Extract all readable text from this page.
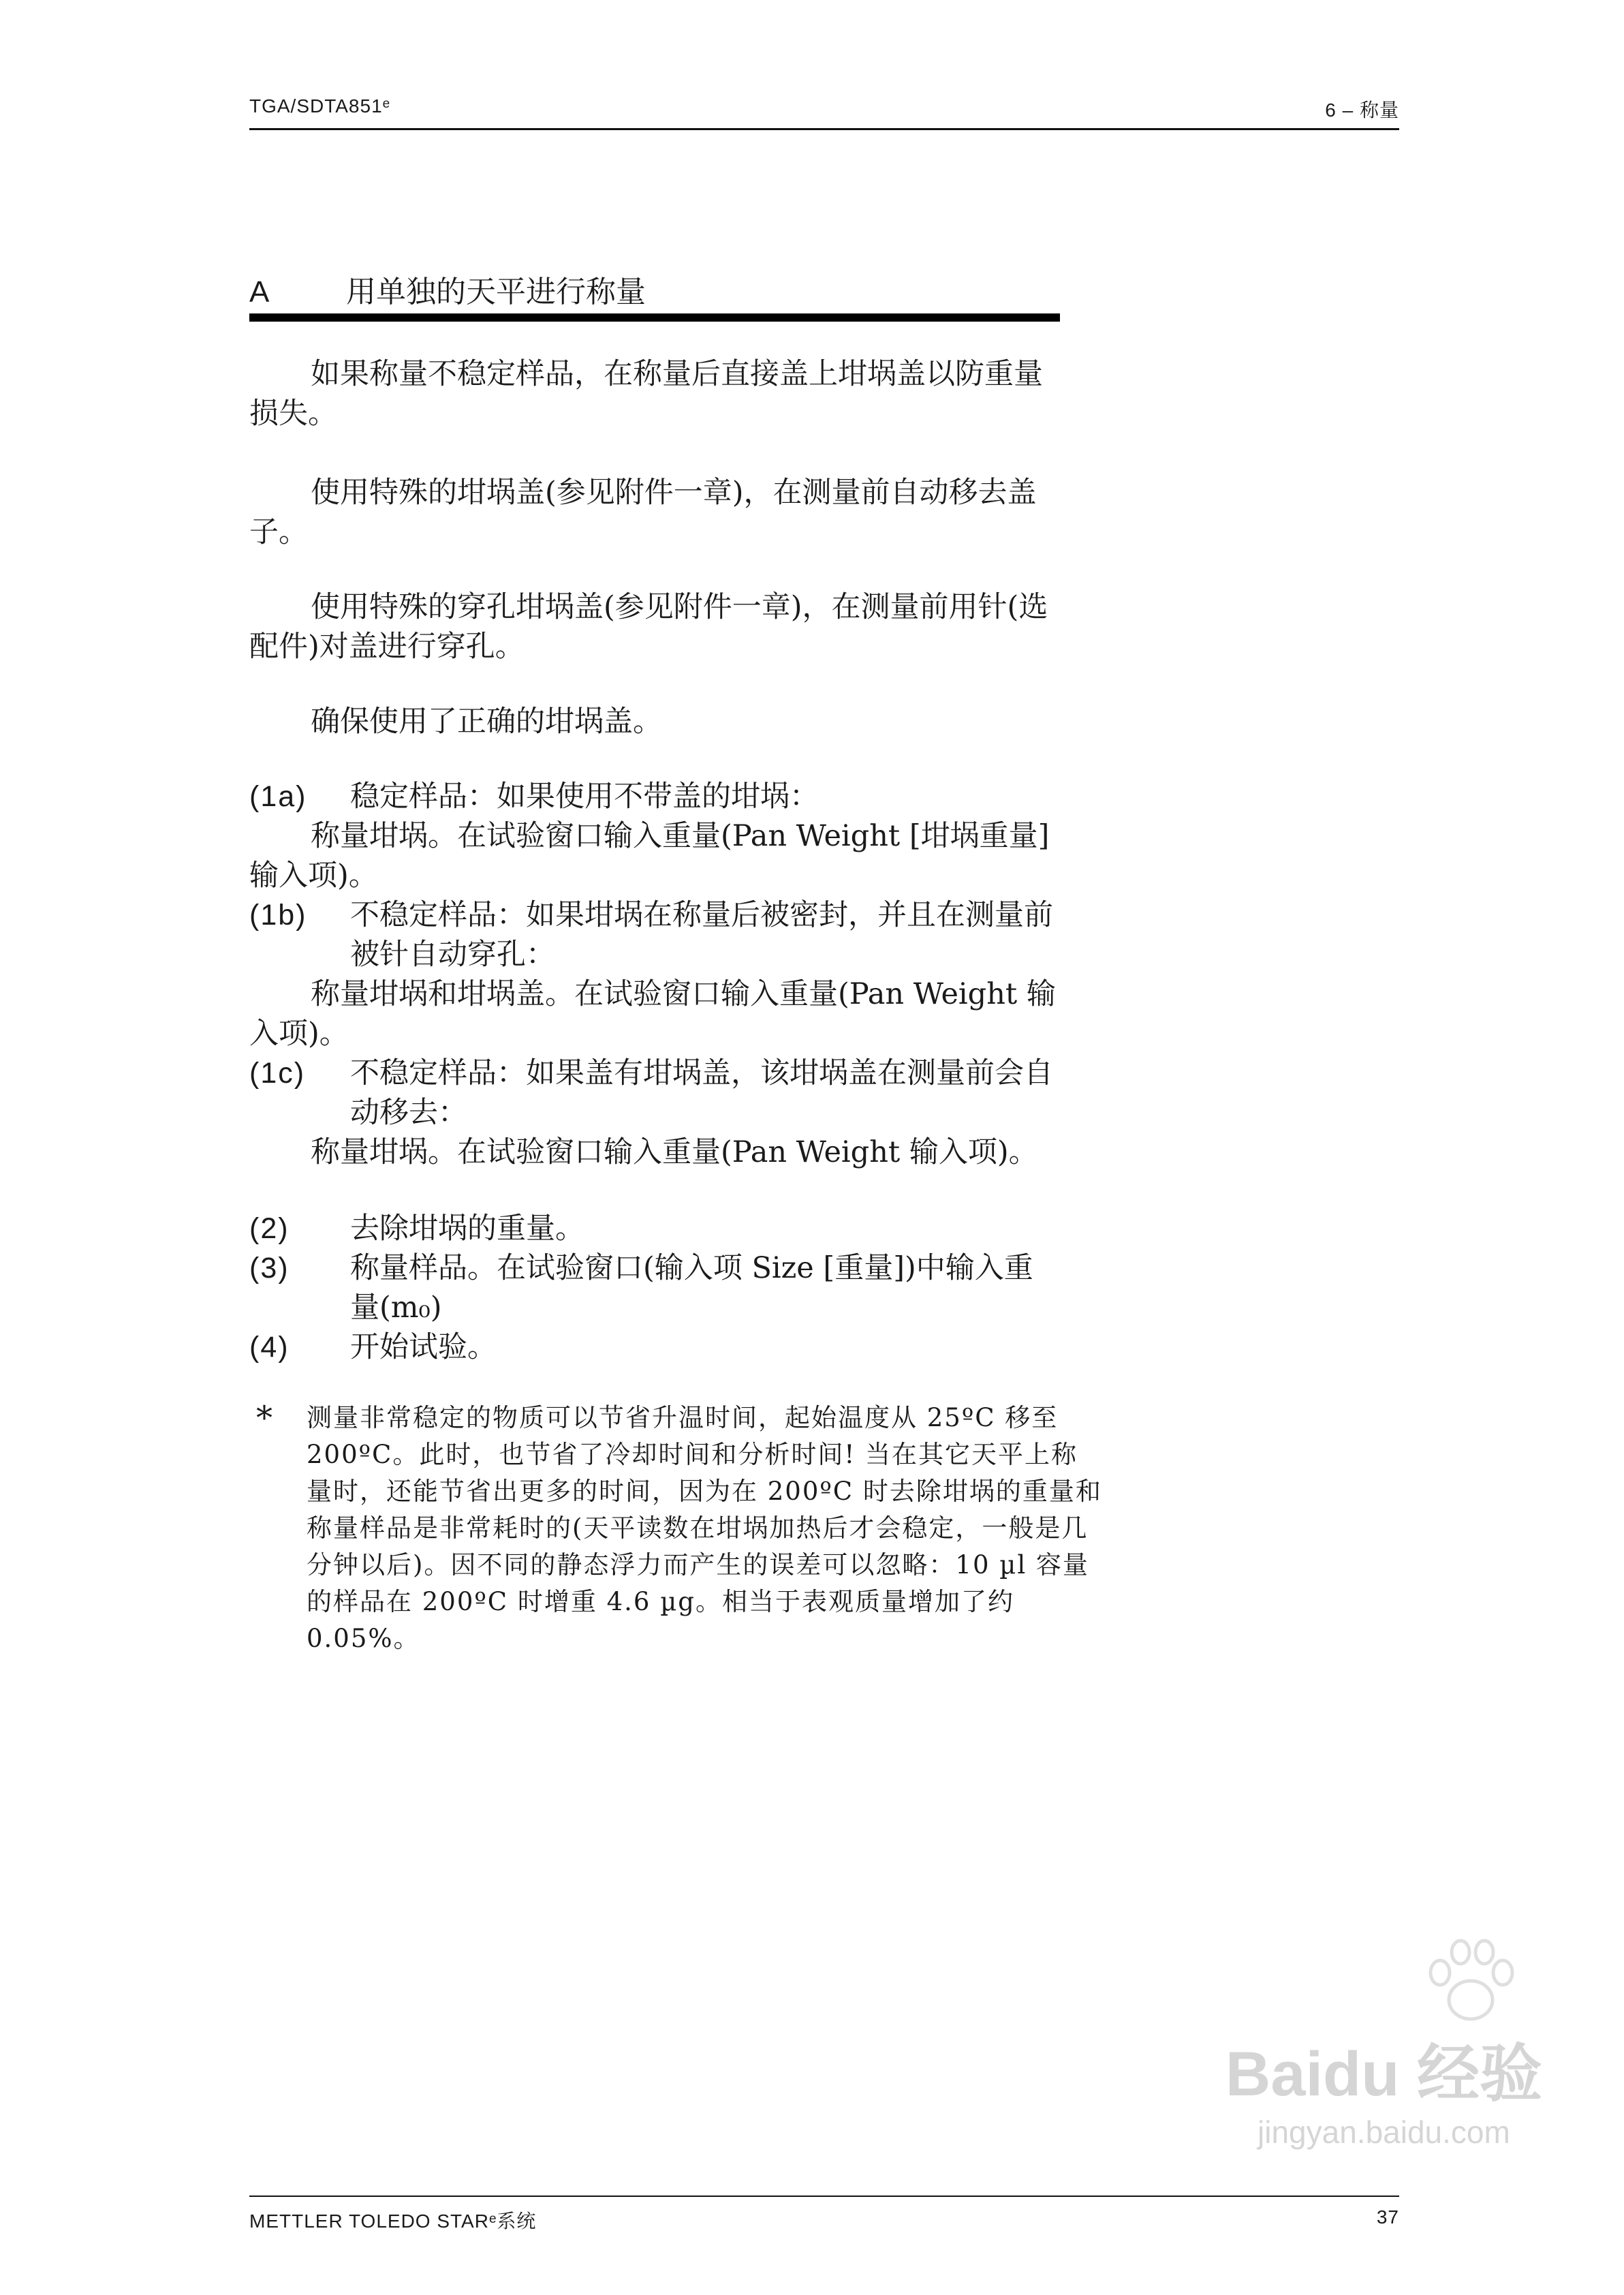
TGA/SDTA851ᵉ	6 – 称量
A	用单独的天平进行称量
如果称量不稳定样品，在称量后直接盖上坩埚盖以防重量损失。
使用特殊的坩埚盖(参见附件一章)，在测量前自动移去盖子。
使用特殊的穿孔坩埚盖(参见附件一章)，在测量前用针(选配件)对盖进行穿孔。
确保使用了正确的坩埚盖。
(1a) 稳定样品：如果使用不带盖的坩埚：
称量坩埚。在试验窗口输入重量(Pan Weight [坩埚重量] 输入项)。
(1b) 不稳定样品：如果坩埚在称量后被密封，并且在测量前被针自动穿孔：
称量坩埚和坩埚盖。在试验窗口输入重量(Pan Weight 输入项)。
(1c) 不稳定样品：如果盖有坩埚盖，该坩埚盖在测量前会自动移去：
称量坩埚。在试验窗口输入重量(Pan Weight 输入项)。
(2) 去除坩埚的重量。
(3) 称量样品。在试验窗口(输入项 Size [重量])中输入重量(m₀)
(4) 开始试验。
* 测量非常稳定的物质可以节省升温时间，起始温度从 25ºC 移至 200ºC。此时，也节省了冷却时间和分析时间! 当在其它天平上称量时，还能节省出更多的时间，因为在 200ºC 时去除坩埚的重量和称量样品是非常耗时的(天平读数在坩埚加热后才会稳定，一般是几分钟以后)。因不同的静态浮力而产生的误差可以忽略：10 µl 容量的样品在 200ºC 时增重 4.6 µg。相当于表观质量增加了约0.05%。
Baidu 经验
jingyan.baidu.com
METTLER TOLEDO STARᵉ系统	37
